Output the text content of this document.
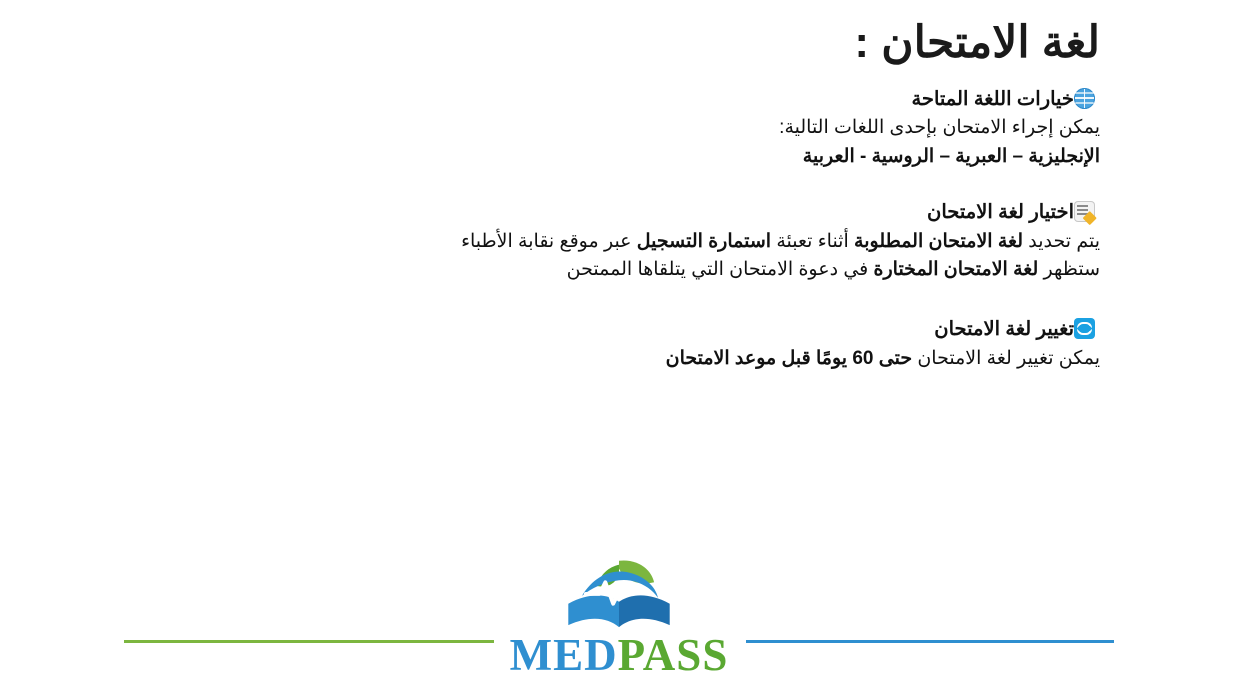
لغة الامتحان :
خيارات اللغة المتاحة
يمكن إجراء الامتحان بإحدى اللغات التالية:
الإنجليزية – العبرية – الروسية - العربية
اختيار لغة الامتحان
يتم تحديد لغة الامتحان المطلوبة أثناء تعبئة استمارة التسجيل عبر موقع نقابة الأطباء
ستظهر لغة الامتحان المختارة في دعوة الامتحان التي يتلقاها الممتحن
تغيير لغة الامتحان
يمكن تغيير لغة الامتحان حتى 60 يومًا قبل موعد الامتحان
MEDPASS
